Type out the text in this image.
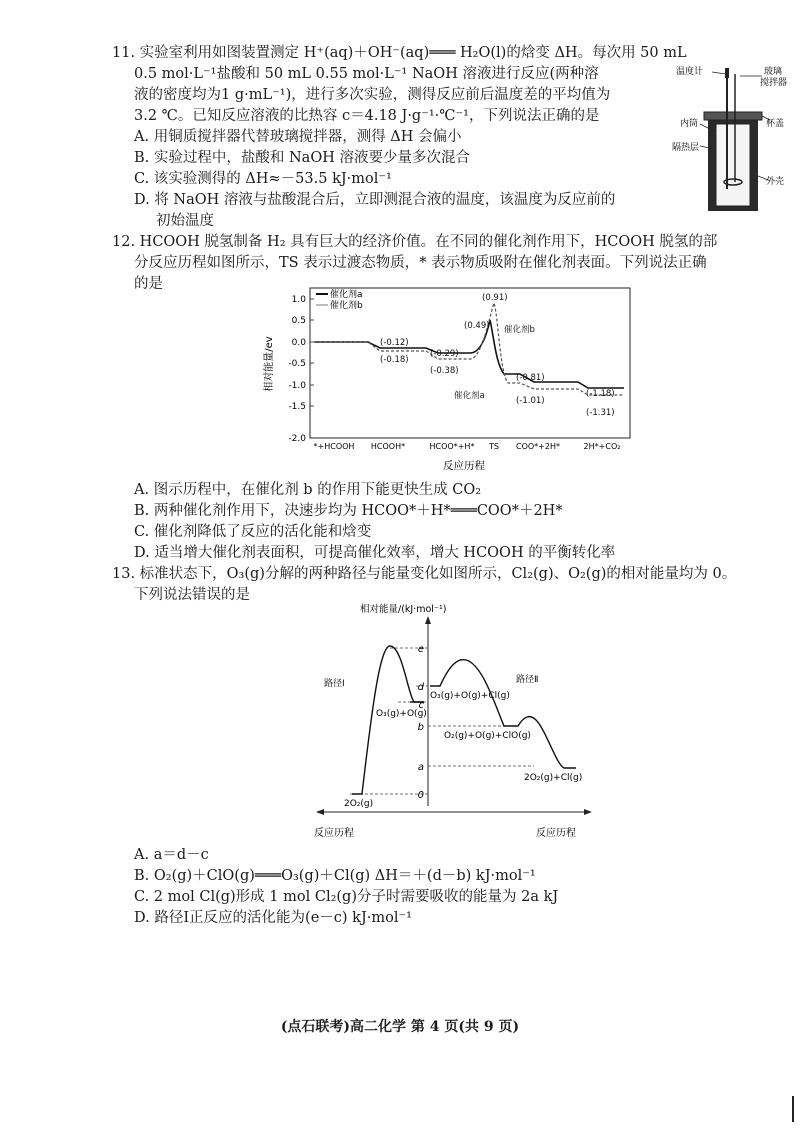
11. 实验室利用如图装置测定 H⁺(aq)＋OH⁻(aq)═══ H₂O(l)的焓变 ΔH。每次用 50 mL
0.5 mol·L⁻¹盐酸和 50 mL 0.55 mol·L⁻¹ NaOH 溶液进行反应(两种溶
液的密度均为1 g·mL⁻¹)，进行多次实验，测得反应前后温度差的平均值为
3.2 ℃。已知反应溶液的比热容 c＝4.18 J·g⁻¹·℃⁻¹，下列说法正确的是
A. 用铜质搅拌器代替玻璃搅拌器，测得 ΔH 会偏小
B. 实验过程中，盐酸和 NaOH 溶液要少量多次混合
C. 该实验测得的 ΔH≈－53.5 kJ·mol⁻¹
D. 将 NaOH 溶液与盐酸混合后，立即测混合液的温度，该温度为反应前的
初始温度
温度计	玻璃
搅拌器
内筒	杯盖
隔热层
外壳
12. HCOOH 脱氢制备 H₂ 具有巨大的经济价值。在不同的催化剂作用下，HCOOH 脱氢的部
分反应历程如图所示，TS 表示过渡态物质，* 表示物质吸附在催化剂表面。下列说法正确
的是
1.0
0.5
0.0
-0.5
-1.0
-1.5
-2.0
相对能量/ev
催化剂a
催化剂b
(-0.12)
(-0.18)
(-0.29)
(-0.38)
(0.49)
(0.91)
(-0.81)
(-1.01)
(-1.18)
(-1.31)
催化剂b
催化剂a
*+HCOOH HCOOH*	HCOO*+H* TS COO*+2H*	2H*+CO₂
反应历程
A. 图示历程中，在催化剂 b 的作用下能更快生成 CO₂
B. 两种催化剂作用下，决速步均为 HCOO*＋H*═══COO*＋2H*
C. 催化剂降低了反应的活化能和焓变
D. 适当增大催化剂表面积，可提高催化效率，增大 HCOOH 的平衡转化率
13. 标准状态下，O₃(g)分解的两种路径与能量变化如图所示，Cl₂(g)、O₂(g)的相对能量均为 0。
下列说法错误的是
相对能量/(kJ·mol⁻¹)
e
d
c
b
a
0
路径Ⅰ	路径Ⅱ
O₃(g)+O(g)
2O₂(g)
O₃(g)+O(g)+Cl(g)
O₂(g)+O(g)+ClO(g)
2O₂(g)+Cl(g)
反应历程	反应历程
A. a＝d－c
B. O₂(g)＋ClO(g)═══O₃(g)＋Cl(g) ΔH＝＋(d－b) kJ·mol⁻¹
C. 2 mol Cl(g)形成 1 mol Cl₂(g)分子时需要吸收的能量为 2a kJ
D. 路径Ⅰ正反应的活化能为(e－c) kJ·mol⁻¹
(点石联考)高二化学 第 4 页(共 9 页)
